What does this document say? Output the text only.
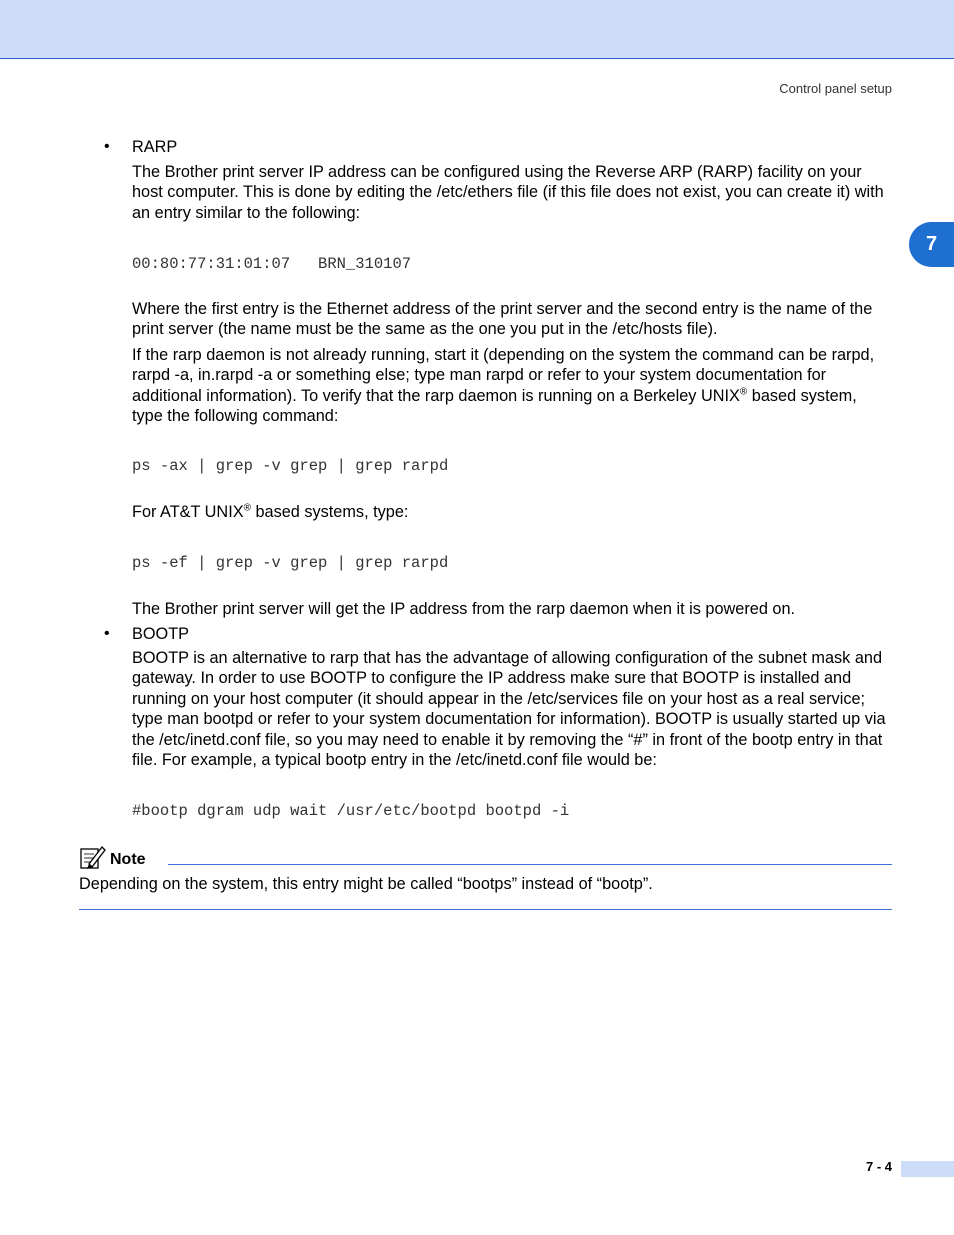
Control panel setup
7
• RARP
The Brother print server IP address can be configured using the Reverse ARP (RARP) facility on your host computer. This is done by editing the /etc/ethers file (if this file does not exist, you can create it) with an entry similar to the following:
00:80:77:31:01:07   BRN_310107
Where the first entry is the Ethernet address of the print server and the second entry is the name of the print server (the name must be the same as the one you put in the /etc/hosts file).
If the rarp daemon is not already running, start it (depending on the system the command can be rarpd, rarpd -a, in.rarpd -a or something else; type man rarpd or refer to your system documentation for additional information). To verify that the rarp daemon is running on a Berkeley UNIX® based system, type the following command:
ps -ax | grep -v grep | grep rarpd
For AT&T UNIX® based systems, type:
ps -ef | grep -v grep | grep rarpd
The Brother print server will get the IP address from the rarp daemon when it is powered on.
• BOOTP
BOOTP is an alternative to rarp that has the advantage of allowing configuration of the subnet mask and gateway. In order to use BOOTP to configure the IP address make sure that BOOTP is installed and running on your host computer (it should appear in the /etc/services file on your host as a real service; type man bootpd or refer to your system documentation for information). BOOTP is usually started up via the /etc/inetd.conf file, so you may need to enable it by removing the “#” in front of the bootp entry in that file. For example, a typical bootp entry in the /etc/inetd.conf file would be:
#bootp dgram udp wait /usr/etc/bootpd bootpd -i
Note
Depending on the system, this entry might be called “bootps” instead of “bootp”.
7 - 4
